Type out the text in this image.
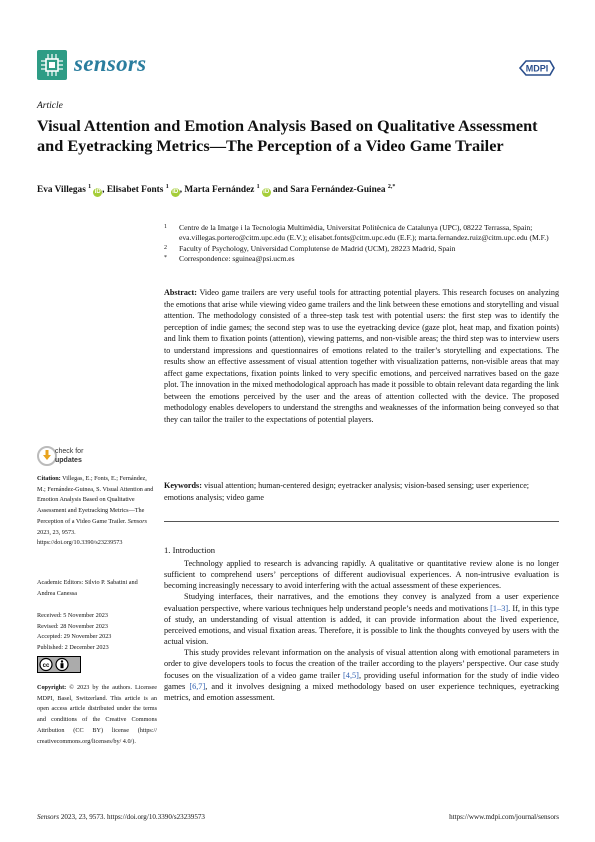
sensors	MDPI
Article
Visual Attention and Emotion Analysis Based on Qualitative Assessment and Eyetracking Metrics—The Perception of a Video Game Trailer
Eva Villegas $^1$iD , Elisabet Fonts $^1$iD , Marta Fernández $^1$iD and Sara Fernández-Guinea $^{2,*}$
1 Centre de la Imatge i la Tecnologia Multimèdia, Universitat Politècnica de Catalunya (UPC), 08222 Terrassa, Spain; eva.villegas.portero@citm.upc.edu (E.V.); elisabet.fonts@citm.upc.edu (E.F.); marta.fernandez.ruiz@citm.upc.edu (M.F.)
2 Faculty of Psychology, Universidad Complutense de Madrid (UCM), 28223 Madrid, Spain
* Correspondence: sguinea@psi.ucm.es
Abstract: Video game trailers are very useful tools for attracting potential players. This research focuses on analyzing the emotions that arise while viewing video game trailers and the link between these emotions and storytelling and visual attention. The methodology consisted of a three-step task test with potential users: the first step was to identify the perception of indie games; the second step was to use the eyetracking device (gaze plot, heat map, and fixation points) and link them to fixation points (attention), viewing patterns, and non-visible areas; the third step was to interview users to understand impressions and questionnaires of emotions related to the trailer’s storytelling and expectations. The results show an effective assessment of visual attention together with visualization patterns, non-visible areas that may affect game expectations, fixation points linked to very specific emotions, and perceived narratives based on the gaze plot. The innovation in the mixed methodological approach has made it possible to obtain relevant data regarding the link between the emotions perceived by the user and the areas of attention collected with the device. The proposed methodology enables developers to understand the strengths and weaknesses of the information being conveyed so that they can tailor the trailer to the expectations of potential players.
Keywords: visual attention; human-centered design; eyetracker analysis; vision-based sensing; user experience; emotions analysis; video game
check for
updates
Citation: Villegas, E.; Fonts, E.; Fernández, M.; Fernández-Guinea, S. Visual Attention and Emotion Analysis Based on Qualitative Assessment and Eyetracking Metrics—The Perception of a Video Game Trailer. Sensors 2023, 23, 9573. https://doi.org/10.3390/s23239573
Academic Editors: Silvio P. Sabatini and Andrea Canessa
Received: 5 November 2023
Revised: 28 November 2023
Accepted: 29 November 2023
Published: 2 December 2023
cc
Copyright: © 2023 by the authors. Licensee MDPI, Basel, Switzerland. This article is an open access article distributed under the terms and conditions of the Creative Commons Attribution (CC BY) license (https:// creativecommons.org/licenses/by/ 4.0/).
1. Introduction

Technology applied to research is advancing rapidly. A qualitative or quantitative review alone is no longer sufficient to comprehend users’ perceptions of different audiovisual experiences. A non-intrusive evaluation is becoming increasingly necessary to avoid interfering with the actual assessment of these experiences.

Studying interfaces, their narratives, and the emotions they convey is analyzed from a user experience evaluation perspective, where various techniques help understand people’s needs and motivations [1–3]. If, in this type of study, an understanding of visual attention is added, it can provide information about the lived experience, perceived emotions, and visual fixation areas. Therefore, it is possible to link the thoughts conveyed by users with the actual vision.

This study provides relevant information on the analysis of visual attention along with emotional parameters in order to give developers tools to focus the creation of the trailer according to the players’ perspective. Our case study focuses on the visualization of a video game trailer [4,5], providing useful information for the study of indie video games [6,7], and it involves designing a mixed methodology based on user experience techniques, eyetracking metrics, and emotion assessment.

Sensors 2023, 23, 9573. https://doi.org/10.3390/s23239573	https://www.mdpi.com/journal/sensors
